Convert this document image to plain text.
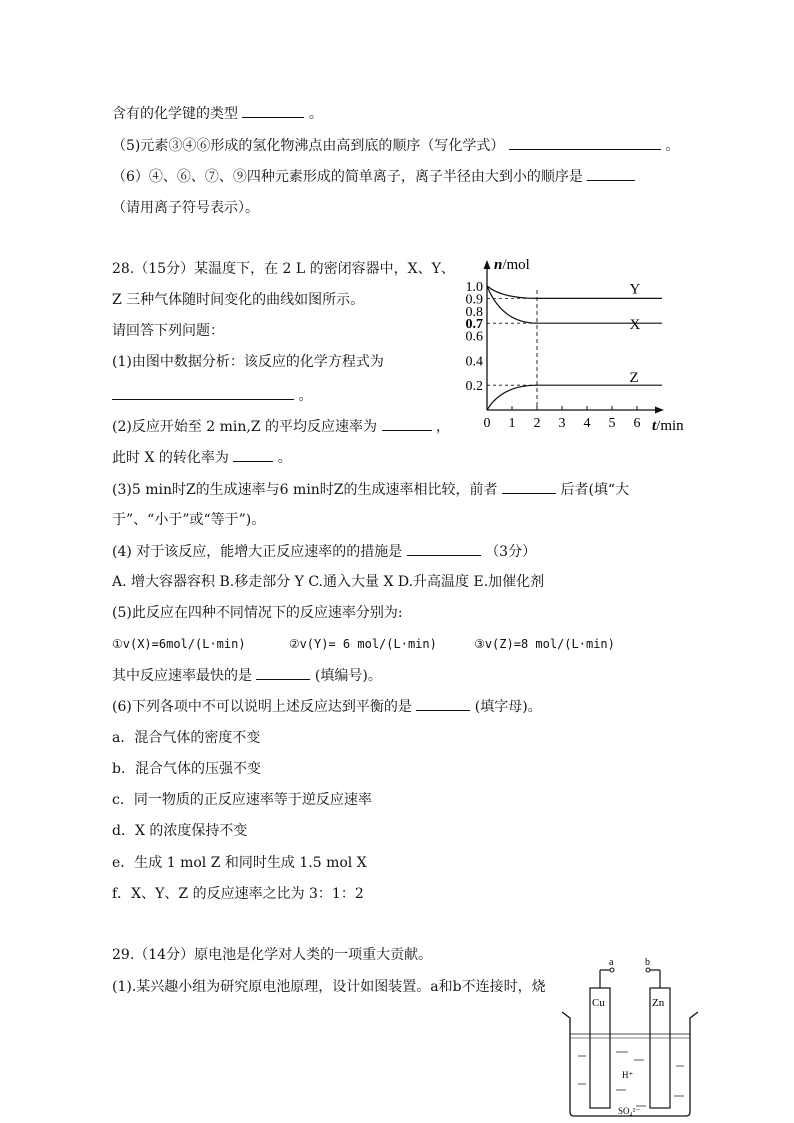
含有的化学键的类型	。
（5)元素③④⑥形成的氢化物沸点由高到底的顺序（写化学式）	。
（6）④、⑥、⑦、⑨四种元素形成的简单离子，离子半径由大到小的顺序是
（请用离子符号表示）。
28.（15分）某温度下，在 2 L 的密闭容器中，X、Y、
Z 三种气体随时间变化的曲线如图所示。
请回答下列问题：
(1)由图中数据分析：该反应的化学方程式为
。
(2)反应开始至 2 min,Z 的平均反应速率为	，
此时 X 的转化率为	。
(3)5 min时Z的生成速率与6 min时Z的生成速率相比较，前者	后者(填“大
于”、“小于”或“等于”)。
(4) 对于该反应，能增大正反应速率的的措施是	（3分）
A. 增大容器容积 B.移走部分 Y C.通入大量 X D.升高温度 E.加催化剂
(5)此反应在四种不同情况下的反应速率分别为:
①v(X)=6mol/(L·min)	②v(Y)= 6 mol/(L·min)	③v(Z)=8 mol/(L·min)
其中反应速率最快的是	(填编号)。
(6)下列各项中不可以说明上述反应达到平衡的是	(填字母)。
a．混合气体的密度不变
b．混合气体的压强不变
c．同一物质的正反应速率等于逆反应速率
d．X 的浓度保持不变
e．生成 1 mol Z 和同时生成 1.5 mol X
f．X、Y、Z 的反应速率之比为 3：1：2
29.（14分）原电池是化学对人类的一项重大贡献。
(1).某兴趣小组为研究原电池原理，设计如图装置。a和b不连接时，烧
n/mol
t/min
1.0
0.9
0.8
0.7
0.6
0.4
0.2
0 1 2 3 4 5 6
Y
X
Z
a	b
Cu	Zn
H⁺
SO₄²⁻
